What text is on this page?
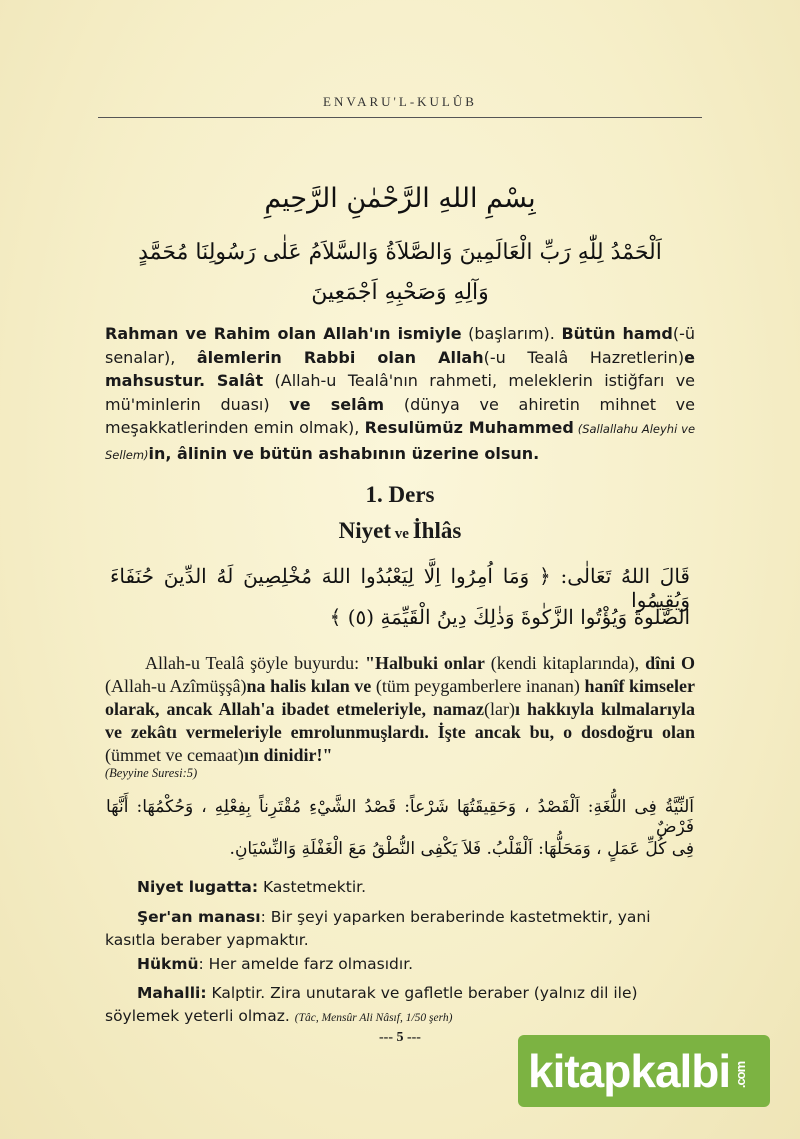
ENVARU'L-KULÛB
بِسْمِ اللهِ الرَّحْمٰنِ الرَّحِيمِ
اَلْحَمْدُ لِلّٰهِ رَبِّ الْعَالَمِينَ وَالصَّلاَةُ وَالسَّلاَمُ عَلٰى رَسُولِنَا مُحَمَّدٍ
وَآلِهِ وَصَحْبِهِ اَجْمَعِينَ
Rahman ve Rahim olan Allah'ın ismiyle (başlarım). Bütün hamd(-ü senalar), âlemlerin Rabbi olan Allah(-u Tealâ Hazretlerin)e mahsustur. Salât (Allah-u Tealâ'nın rahmeti, meleklerin istiğfarı ve mü'minlerin duası) ve selâm (dünya ve ahiretin mihnet ve meşakkatlerinden emin olmak), Resulümüz Muhammed (Sallallahu Aleyhi ve Sellem)in, âlinin ve bütün ashabının üzerine olsun.
1. Ders
Niyet ve İhlâs
قَالَ اللهُ تَعَالٰى: ﴿ وَمَا اُمِرُوا اِلَّا لِيَعْبُدُوا اللهَ مُخْلِصِينَ لَهُ الدِّينَ حُنَفَاءَ وَيُقِيمُوا
الصَّلٰوةَ وَيُؤْتُوا الزَّكٰوةَ وَذٰلِكَ دِينُ الْقَيِّمَةِ (٥) ﴾
Allah-u Tealâ şöyle buyurdu: "Halbuki onlar (kendi kitaplarında), dîni O (Allah-u Azîmüşşâ)na halis kılan ve (tüm peygamberlere inanan) hanîf kimseler olarak, ancak Allah'a ibadet etmeleriyle, namaz(lar)ı hakkıyla kılmalarıyla ve zekâtı vermeleriyle emrolunmuşlardı. İşte ancak bu, o dosdoğru olan (ümmet ve cemaat)ın dinidir!"
(Beyyine Suresi:5)
اَلنِّيَّةُ فِى اللُّغَةِ: اَلْقَصْدُ ، وَحَقِيقَتُهَا شَرْعاً: قَصْدُ الشَّيْءِ مُقْتَرِناً بِفِعْلِهِ ، وَحُكْمُهَا: أَنَّهَا فَرْضٌ
فِى كُلِّ عَمَلٍ ، وَمَحَلُّهَا: اَلْقَلْبُ. فَلاَ يَكْفِى النُّطْقُ مَعَ الْغَفْلَةِ وَالنِّسْيَانِ.
Niyet lugatta: Kastetmektir.
Şer'an manası: Bir şeyi yaparken beraberinde kastetmektir, yani kasıtla beraber yapmaktır.
Hükmü: Her amelde farz olmasıdır.
Mahalli: Kalptir. Zira unutarak ve gafletle beraber (yalnız dil ile) söylemek yeterli olmaz. (Tâc, Mensûr Ali Nâsıf, 1/50 şerh)
--- 5 ---
kitapkalbi .com
